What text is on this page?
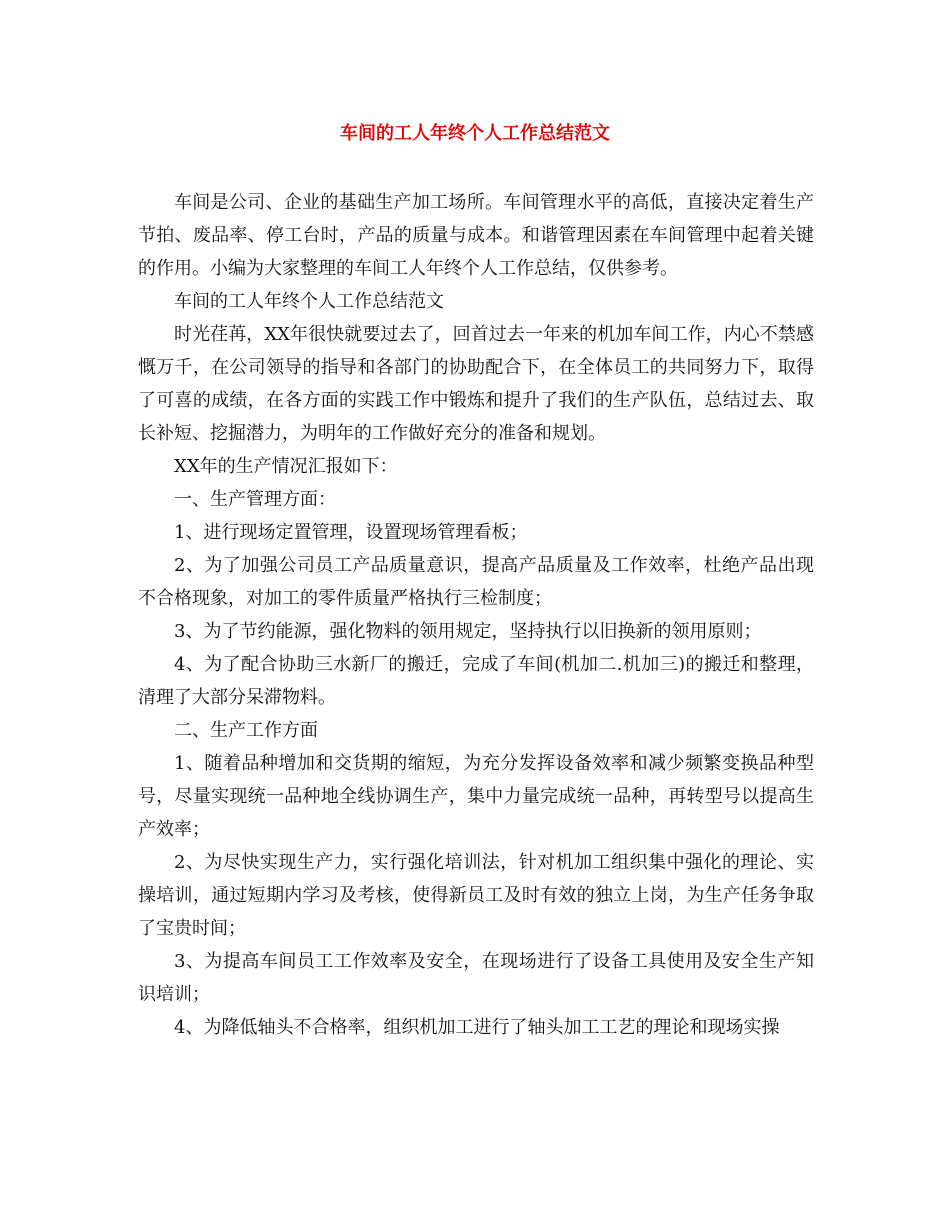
车间的工人年终个人工作总结范文

车间是公司、企业的基础生产加工场所。车间管理水平的高低，直接决定着生产节拍、废品率、停工台时，产品的质量与成本。和谐管理因素在车间管理中起着关键的作用。小编为大家整理的车间工人年终个人工作总结，仅供参考。

车间的工人年终个人工作总结范文

时光荏苒，XX年很快就要过去了，回首过去一年来的机加车间工作，内心不禁感慨万千，在公司领导的指导和各部门的协助配合下，在全体员工的共同努力下，取得了可喜的成绩，在各方面的实践工作中锻炼和提升了我们的生产队伍，总结过去、取长补短、挖掘潜力，为明年的工作做好充分的准备和规划。

XX年的生产情况汇报如下：

一、生产管理方面：

1、进行现场定置管理，设置现场管理看板；

2、为了加强公司员工产品质量意识，提高产品质量及工作效率，杜绝产品出现不合格现象，对加工的零件质量严格执行三检制度；

3、为了节约能源，强化物料的领用规定，坚持执行以旧换新的领用原则；

4、为了配合协助三水新厂的搬迁，完成了车间(机加二.机加三)的搬迁和整理，清理了大部分呆滞物料。

二、生产工作方面

1、随着品种增加和交货期的缩短，为充分发挥设备效率和减少频繁变换品种型号，尽量实现统一品种地全线协调生产，集中力量完成统一品种，再转型号以提高生产效率；

2、为尽快实现生产力，实行强化培训法，针对机加工组织集中强化的理论、实操培训，通过短期内学习及考核，使得新员工及时有效的独立上岗，为生产任务争取了宝贵时间；

3、为提高车间员工工作效率及安全，在现场进行了设备工具使用及安全生产知识培训；

4、为降低轴头不合格率，组织机加工进行了轴头加工工艺的理论和现场实操
